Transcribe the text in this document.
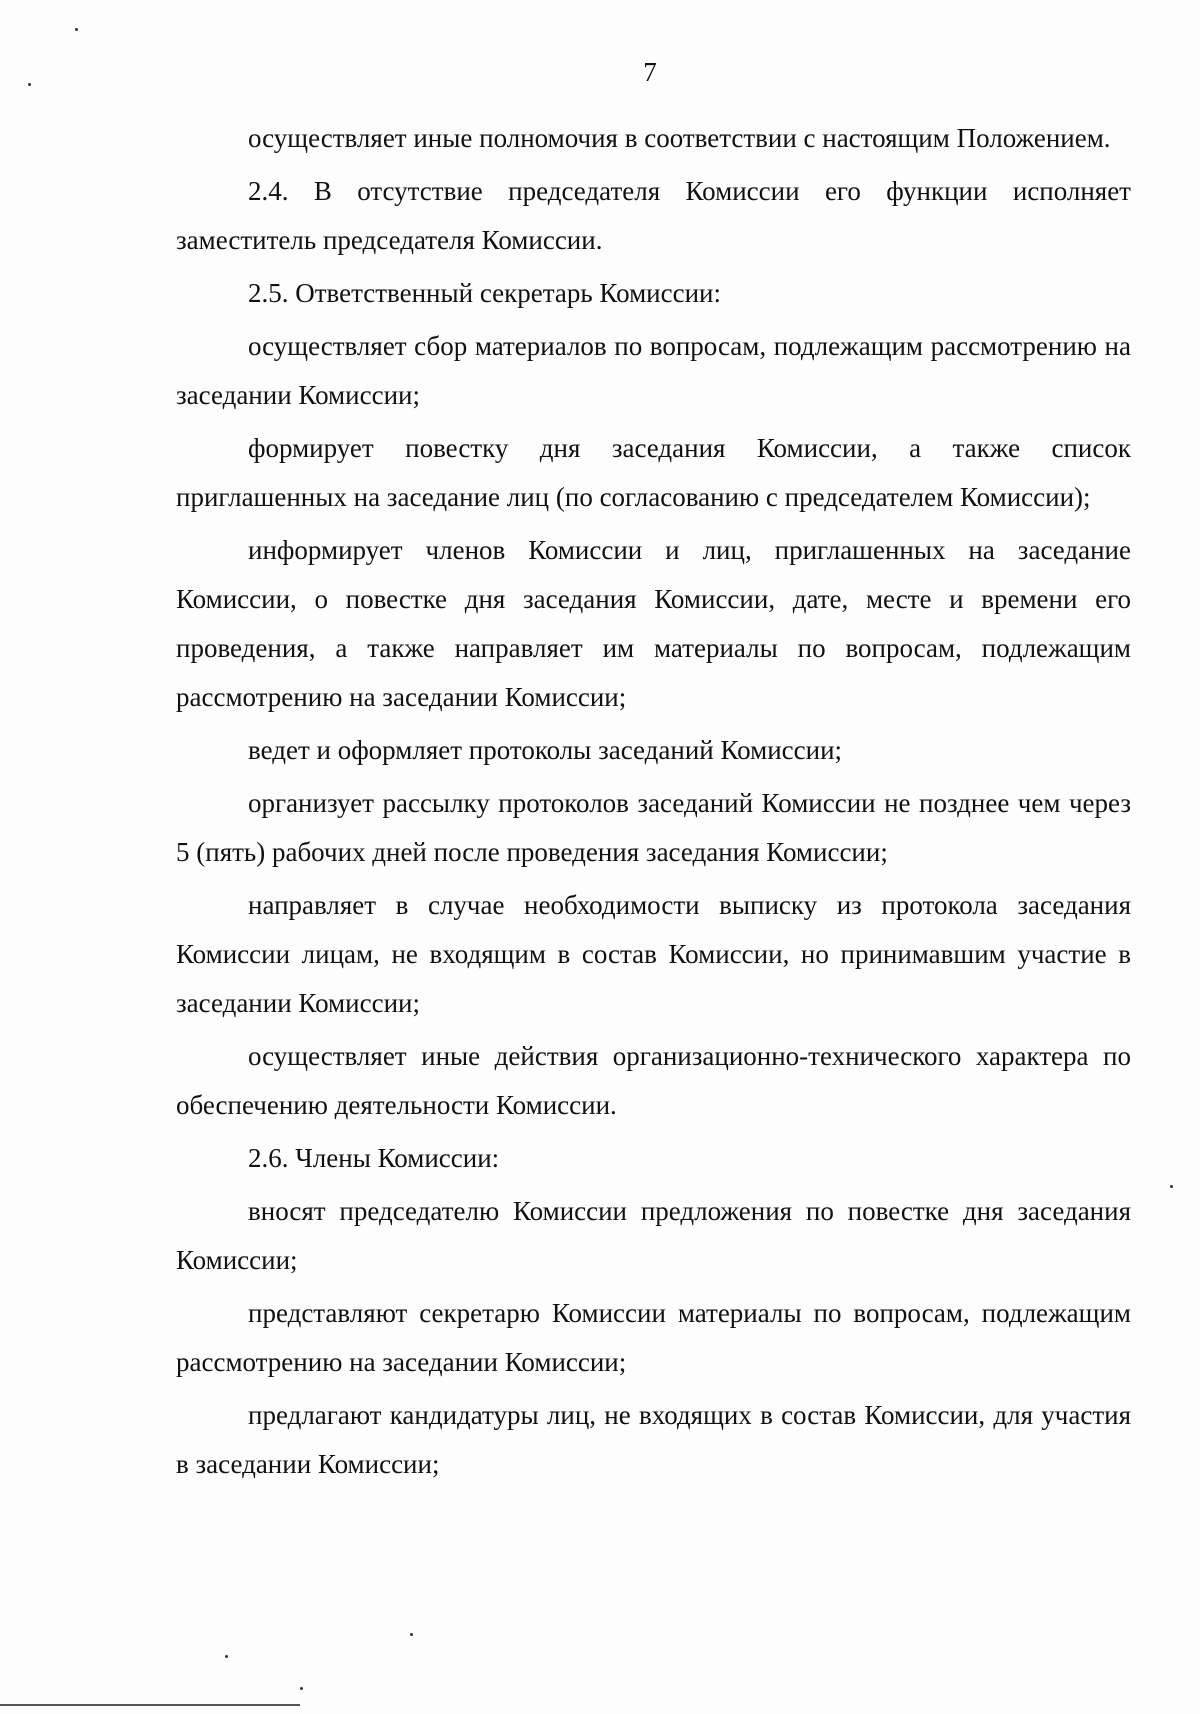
7

осуществляет иные полномочия в соответствии с настоящим Положением.

2.4. В отсутствие председателя Комиссии его функции исполняет заместитель председателя Комиссии.

2.5. Ответственный секретарь Комиссии:

осуществляет сбор материалов по вопросам, подлежащим рассмотрению на заседании Комиссии;

формирует повестку дня заседания Комиссии, а также список приглашенных на заседание лиц (по согласованию с председателем Комиссии);

информирует членов Комиссии и лиц, приглашенных на заседание Комиссии, о повестке дня заседания Комиссии, дате, месте и времени его проведения, а также направляет им материалы по вопросам, подлежащим рассмотрению на заседании Комиссии;

ведет и оформляет протоколы заседаний Комиссии;

организует рассылку протоколов заседаний Комиссии не позднее чем через 5 (пять) рабочих дней после проведения заседания Комиссии;

направляет в случае необходимости выписку из протокола заседания Комиссии лицам, не входящим в состав Комиссии, но принимавшим участие в заседании Комиссии;

осуществляет иные действия организационно-технического характера по обеспечению деятельности Комиссии.

2.6. Члены Комиссии:

вносят председателю Комиссии предложения по повестке дня заседания Комиссии;

представляют секретарю Комиссии материалы по вопросам, подлежащим рассмотрению на заседании Комиссии;

предлагают кандидатуры лиц, не входящих в состав Комиссии, для участия в заседании Комиссии;
